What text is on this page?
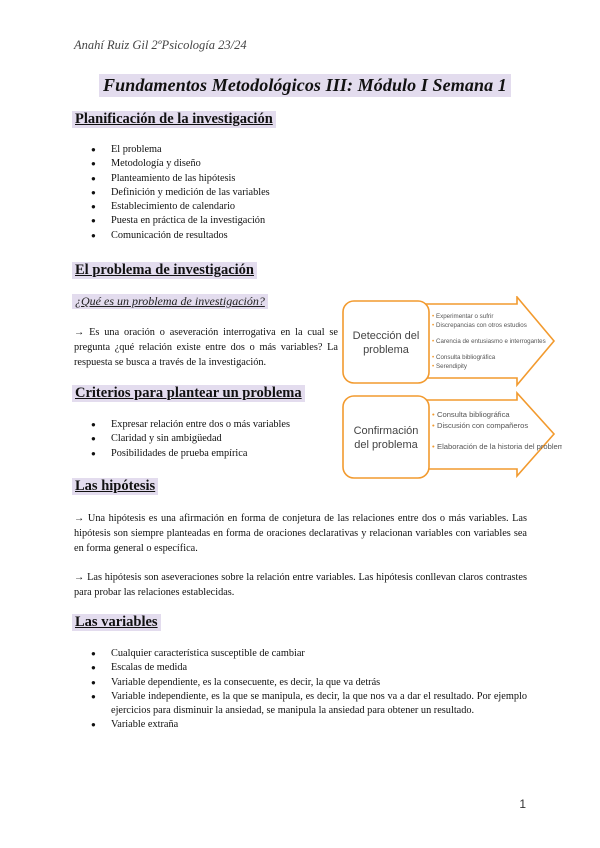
Anahí Ruiz Gil 2ºPsicología 23/24
Fundamentos Metodológicos III: Módulo I Semana 1
Planificación de la investigación
● El problema
● Metodología y diseño
● Planteamiento de las hipótesis
● Definición y medición de las variables
● Establecimiento de calendario
● Puesta en práctica de la investigación
● Comunicación de resultados
El problema de investigación
¿Qué es un problema de investigación?
→ Es una oración o aseveración interrogativa en la cual se pregunta ¿qué relación existe entre dos o más variables? La respuesta se busca a través de la investigación.
Criterios para plantear un problema
● Expresar relación entre dos o más variables
● Claridad y sin ambigüedad
● Posibilidades de prueba empírica
Detección del
problema
• Experimentar o sufrir
• Discrepancias con otros estudios
• Carencia de entusiasmo e interrogantes
• Consulta bibliográfica
• Serendipity
Confirmación
del problema
• Consulta bibliográfica
• Discusión con compañeros
• Elaboración de la historia del problema
Las hipótesis
→ Una hipótesis es una afirmación en forma de conjetura de las relaciones entre dos o más variables. Las hipótesis son siempre planteadas en forma de oraciones declarativas y relacionan variables con variables sea en forma general o específica.
→ Las hipótesis son aseveraciones sobre la relación entre variables. Las hipótesis conllevan claros contrastes para probar las relaciones establecidas.
Las variables
● Cualquier característica susceptible de cambiar
● Escalas de medida
● Variable dependiente, es la consecuente, es decir, la que va detrás
● Variable independiente, es la que se manipula, es decir, la que nos va a dar el resultado. Por ejemplo ejercicios para disminuir la ansiedad, se manipula la ansiedad para obtener un resultado.
● Variable extraña
1
